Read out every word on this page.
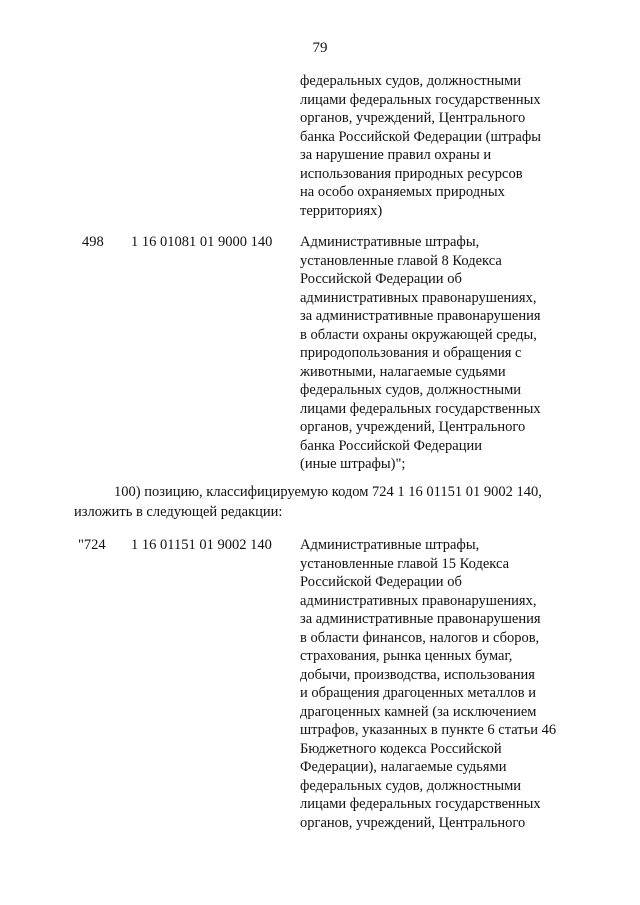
79
федеральных судов, должностными
лицами федеральных государственных
органов, учреждений, Центрального
банка Российской Федерации (штрафы
за нарушение правил охраны и
использования природных ресурсов
на особо охраняемых природных
территориях)
498 1 16 01081 01 9000 140 Административные штрафы,
установленные главой 8 Кодекса
Российской Федерации об
административных правонарушениях,
за административные правонарушения
в области охраны окружающей среды,
природопользования и обращения с
животными, налагаемые судьями
федеральных судов, должностными
лицами федеральных государственных
органов, учреждений, Центрального
банка Российской Федерации
(иные штрафы)";
100) позицию, классифицируемую кодом 724 1 16 01151 01 9002 140,
изложить в следующей редакции:
"724 1 16 01151 01 9002 140 Административные штрафы,
установленные главой 15 Кодекса
Российской Федерации об
административных правонарушениях,
за административные правонарушения
в области финансов, налогов и сборов,
страхования, рынка ценных бумаг,
добычи, производства, использования
и обращения драгоценных металлов и
драгоценных камней (за исключением
штрафов, указанных в пункте 6 статьи 46
Бюджетного кодекса Российской
Федерации), налагаемые судьями
федеральных судов, должностными
лицами федеральных государственных
органов, учреждений, Центрального
